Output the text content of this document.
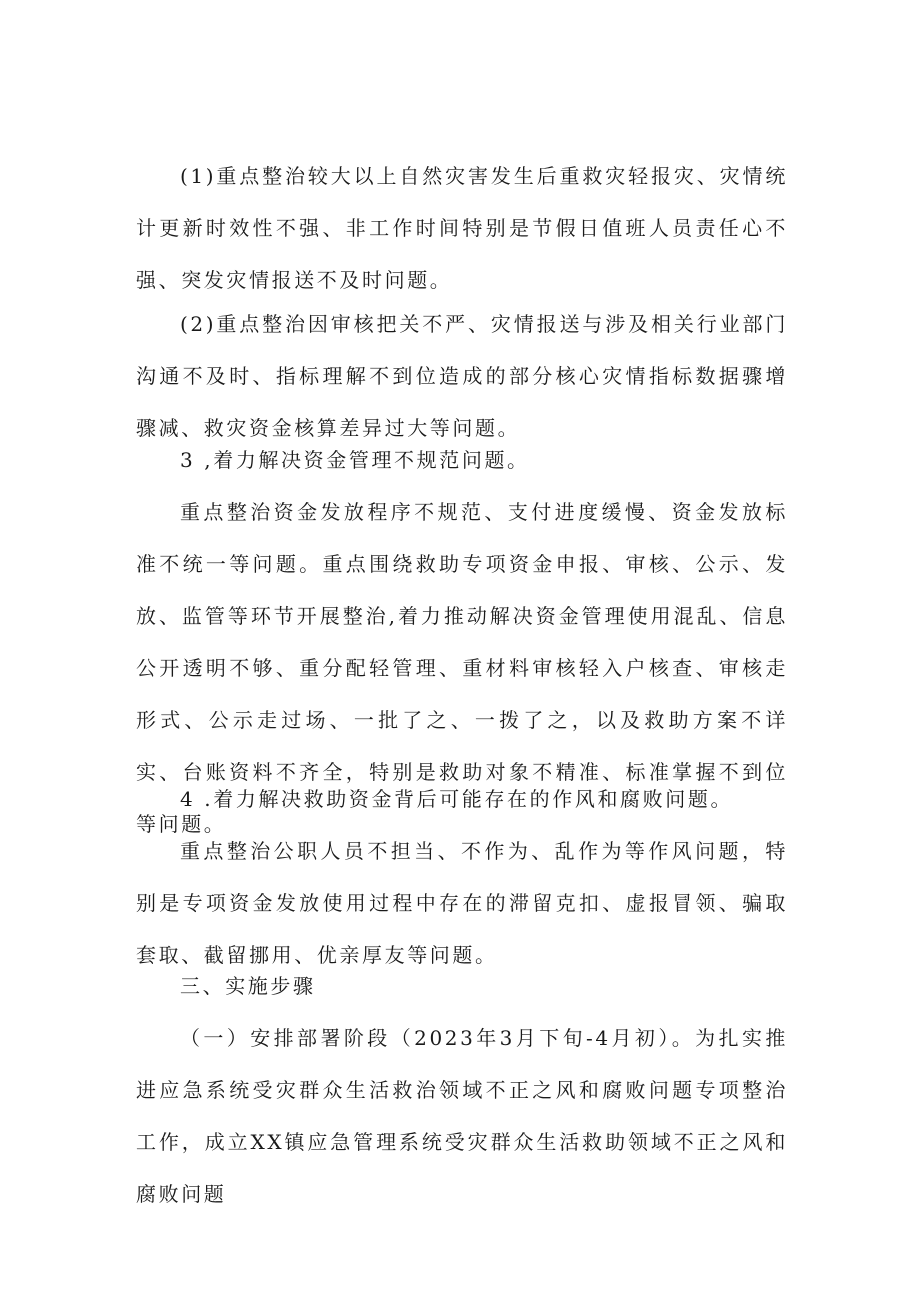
(1)重点整治较大以上自然灾害发生后重救灾轻报灾、灾情统计更新时效性不强、非工作时间特别是节假日值班人员责任心不强、突发灾情报送不及时问题。

(2)重点整治因审核把关不严、灾情报送与涉及相关行业部门沟通不及时、指标理解不到位造成的部分核心灾情指标数据骤增骤减、救灾资金核算差异过大等问题。

3 ,着力解决资金管理不规范问题。

重点整治资金发放程序不规范、支付进度缓慢、资金发放标准不统一等问题。重点围绕救助专项资金申报、审核、公示、发放、监管等环节开展整治,着力推动解决资金管理使用混乱、信息公开透明不够、重分配轻管理、重材料审核轻入户核查、审核走形式、公示走过场、一批了之、一拨了之，以及救助方案不详实、台账资料不齐全，特别是救助对象不精准、标准掌握不到位等问题。

4 .着力解决救助资金背后可能存在的作风和腐败问题。

重点整治公职人员不担当、不作为、乱作为等作风问题，特别是专项资金发放使用过程中存在的滞留克扣、虚报冒领、骗取套取、截留挪用、优亲厚友等问题。

三、实施步骤

（一）安排部署阶段（2023年3月下旬-4月初）。为扎实推进应急系统受灾群众生活救治领域不正之风和腐败问题专项整治工作，成立XX镇应急管理系统受灾群众生活救助领域不正之风和腐败问题
